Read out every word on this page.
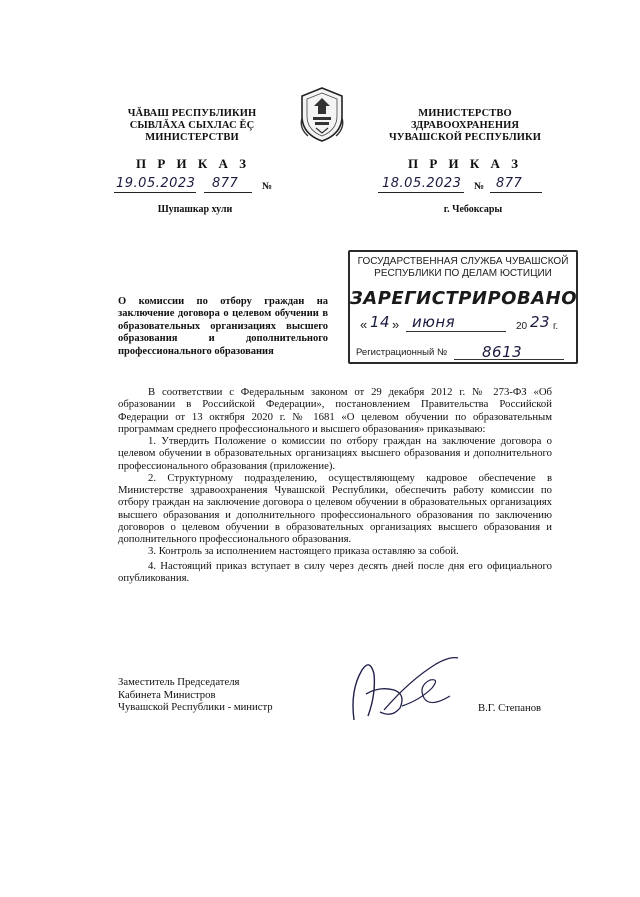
ЧĂВАШ РЕСПУБЛИКИН
СЫВЛĂХА СЫХЛАС ĔÇ
МИНИСТЕРСТВИ
МИНИСТЕРСТВО
ЗДРАВООХРАНЕНИЯ
ЧУВАШСКОЙ РЕСПУБЛИКИ
П Р И К А З	П Р И К А З
19.05.2023 877 №	18.05.2023 № 877
Шупашкар хули	г. Чебоксары
ГОСУДАРСТВЕННАЯ СЛУЖБА ЧУВАШСКОЙ
РЕСПУБЛИКИ ПО ДЕЛАМ ЮСТИЦИИ
ЗАРЕГИСТРИРОВАНО
« 14 » июня	20 23 г.
Регистрационный № 8613
О комиссии по отбору граждан на заключение договора о целевом обучении в образовательных организациях высшего образования и дополнительного профессионального образования

В соответствии с Федеральным законом от 29 декабря 2012 г. № 273-ФЗ «Об образовании в Российской Федерации», постановлением Правительства Российской Федерации от 13 октября 2020 г. № 1681 «О целевом обучении по образовательным программам среднего профессионального и высшего образования» приказываю:

1. Утвердить Положение о комиссии по отбору граждан на заключение договора о целевом обучении в образовательных организациях высшего образования и дополнительного профессионального образования (приложение).

2. Структурному подразделению, осуществляющему кадровое обеспечение в Министерстве здравоохранения Чувашской Республики, обеспечить работу комиссии по отбору граждан на заключение договора о целевом обучении в образовательных организациях высшего образования и дополнительного профессионального образования по заключению договоров о целевом обучении в образовательных организациях высшего образования и дополнительного профессионального образования.

3. Контроль за исполнением настоящего приказа оставляю за собой.

4. Настоящий приказ вступает в силу через десять дней после дня его официального опубликования.

Заместитель Председателя
Кабинета Министров
Чувашской Республики - министр	В.Г. Степанов
